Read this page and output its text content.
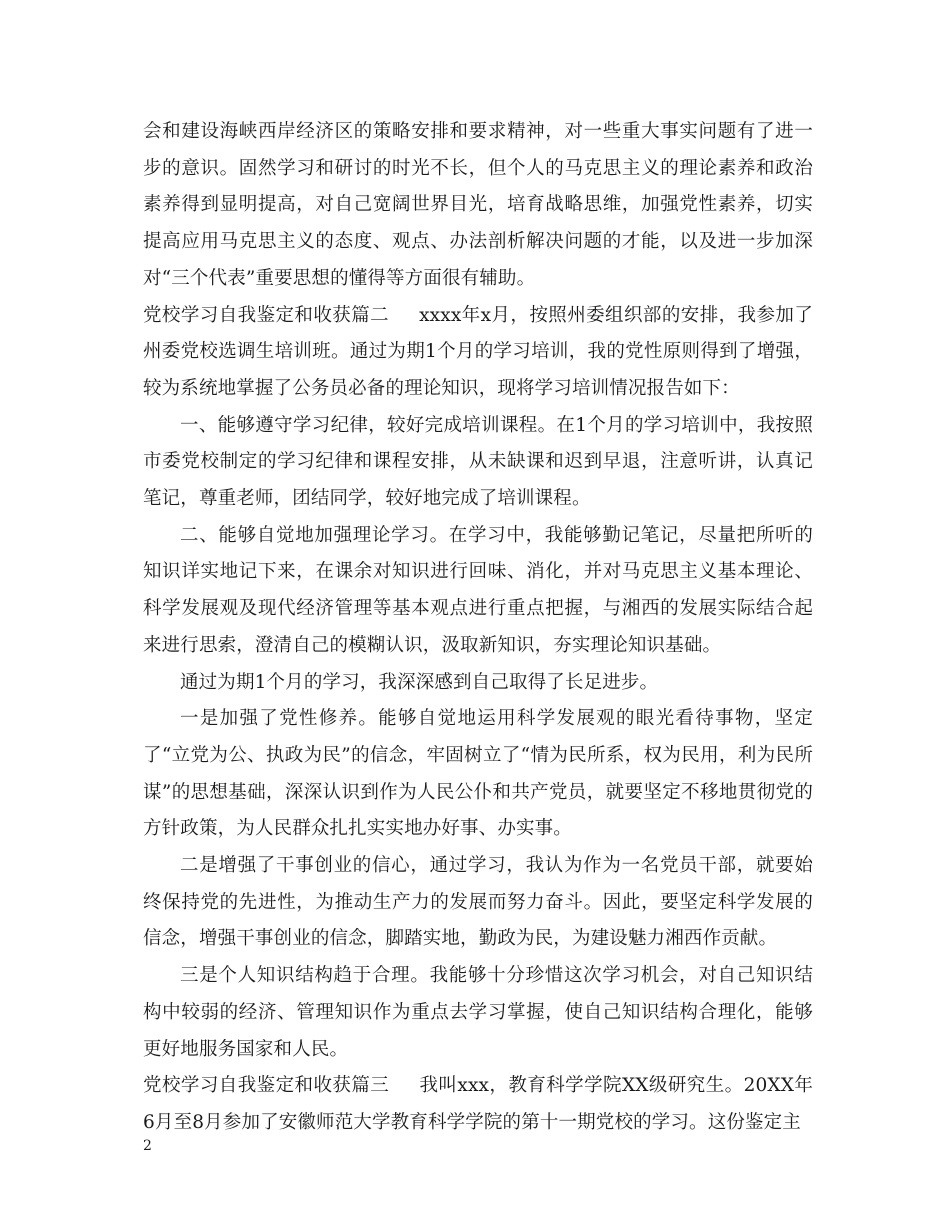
会和建设海峡西岸经济区的策略安排和要求精神，对一些重大事实问题有了进一步的意识。固然学习和研讨的时光不长，但个人的马克思主义的理论素养和政治素养得到显明提高，对自己宽阔世界目光，培育战略思维，加强党性素养，切实提高应用马克思主义的态度、观点、办法剖析解决问题的才能，以及进一步加深对“三个代表”重要思想的懂得等方面很有辅助。

党校学习自我鉴定和收获篇二 xxxx年x月，按照州委组织部的安排，我参加了州委党校选调生培训班。通过为期1个月的学习培训，我的党性原则得到了增强，较为系统地掌握了公务员必备的理论知识，现将学习培训情况报告如下：

一、能够遵守学习纪律，较好完成培训课程。在1个月的学习培训中，我按照市委党校制定的学习纪律和课程安排，从未缺课和迟到早退，注意听讲，认真记笔记，尊重老师，团结同学，较好地完成了培训课程。

二、能够自觉地加强理论学习。在学习中，我能够勤记笔记，尽量把所听的知识详实地记下来，在课余对知识进行回味、消化，并对马克思主义基本理论、科学发展观及现代经济管理等基本观点进行重点把握，与湘西的发展实际结合起来进行思索，澄清自己的模糊认识，汲取新知识，夯实理论知识基础。

通过为期1个月的学习，我深深感到自己取得了长足进步。

一是加强了党性修养。能够自觉地运用科学发展观的眼光看待事物，坚定了“立党为公、执政为民”的信念，牢固树立了“情为民所系，权为民用，利为民所谋”的思想基础，深深认识到作为人民公仆和共产党员，就要坚定不移地贯彻党的方针政策，为人民群众扎扎实实地办好事、办实事。

二是增强了干事创业的信心，通过学习，我认为作为一名党员干部，就要始终保持党的先进性，为推动生产力的发展而努力奋斗。因此，要坚定科学发展的信念，增强干事创业的信念，脚踏实地，勤政为民，为建设魅力湘西作贡献。

三是个人知识结构趋于合理。我能够十分珍惜这次学习机会，对自己知识结构中较弱的经济、管理知识作为重点去学习掌握，使自己知识结构合理化，能够更好地服务国家和人民。

党校学习自我鉴定和收获篇三 我叫xxx，教育科学学院XX级研究生。20XX年6月至8月参加了安徽师范大学教育科学学院的第十一期党校的学习。这份鉴定主

2
